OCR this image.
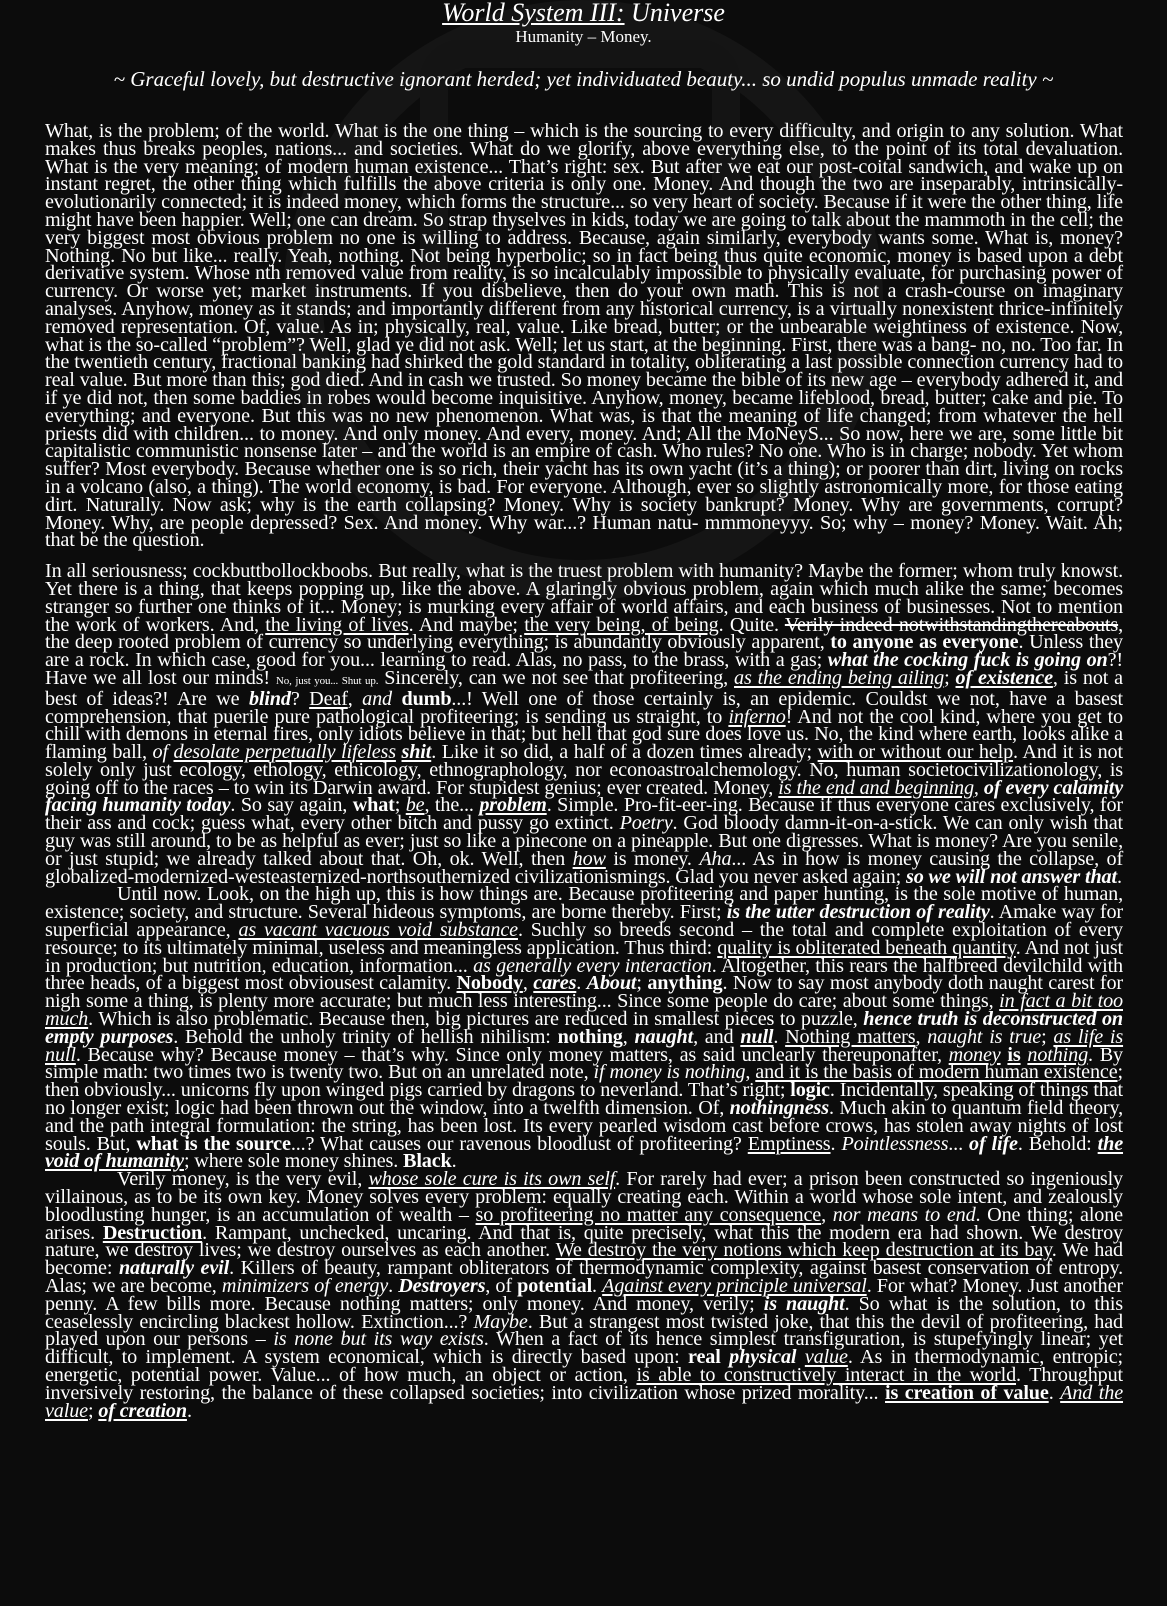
World System III: Universe
Humanity – Money.
~ Graceful lovely, but destructive ignorant herded; yet individuated beauty... so undid populus unmade reality ~

What, is the problem; of the world. What is the one thing – which is the sourcing to every difficulty, and origin to any solution. What makes thus breaks peoples, nations... and societies. What do we glorify, above everything else, to the point of its total devaluation. What is the very meaning; of modern human existence... That’s right: sex. But after we eat our post-coital sandwich, and wake up on instant regret, the other thing which fulfills the above criteria is only one. Money. And though the two are inseparably, intrinsically-evolutionarily connected; it is indeed money, which forms the structure... so very heart of society. Because if it were the other thing, life might have been happier. Well; one can dream. So strap thyselves in kids, today we are going to talk about the mammoth in the cell; the very biggest most obvious problem no one is willing to address. Because, again similarly, everybody wants some. What is, money? Nothing. No but like... really. Yeah, nothing. Not being hyperbolic; so in fact being thus quite economic, money is based upon a debt derivative system. Whose nth removed value from reality, is so incalculably impossible to physically evaluate, for purchasing power of currency. Or worse yet; market instruments. If you disbelieve, then do your own math. This is not a crash-course on imaginary analyses. Anyhow, money as it stands; and importantly different from any historical currency, is a virtually nonexistent thrice-infinitely removed representation. Of, value. As in; physically, real, value. Like bread, butter; or the unbearable weightiness of existence. Now, what is the so-called “problem”? Well, glad ye did not ask. Well; let us start, at the beginning. First, there was a bang- no, no. Too far. In the twentieth century, fractional banking had shirked the gold standard in totality, obliterating a last possible connection currency had to real value. But more than this; god died. And in cash we trusted. So money became the bible of its new age – everybody adhered it, and if ye did not, then some baddies in robes would become inquisitive. Anyhow, money, became lifeblood, bread, butter; cake and pie. To everything; and everyone. But this was no new phenomenon. What was, is that the meaning of life changed; from whatever the hell priests did with children... to money. And only money. And every, money. And; All the MoNeyS... So now, here we are, some little bit capitalistic communistic nonsense later – and the world is an empire of cash. Who rules? No one. Who is in charge; nobody. Yet whom suffer? Most everybody. Because whether one is so rich, their yacht has its own yacht (it’s a thing); or poorer than dirt, living on rocks in a volcano (also, a thing). The world economy, is bad. For everyone. Although, ever so slightly astronomically more, for those eating dirt. Naturally. Now ask; why is the earth collapsing? Money. Why is society bankrupt? Money. Why are governments, corrupt? Money. Why, are people depressed? Sex. And money. Why war...? Human natu- mmmoneyyy. So; why – money? Money. Wait. Ah; that be the question.

In all seriousness; cockbuttbollockboobs. But really, what is the truest problem with humanity? Maybe the former; whom truly knowst. Yet there is a thing, that keeps popping up, like the above. A glaringly obvious problem, again which much alike the same; becomes stranger so further one thinks of it... Money; is murking every affair of world affairs, and each business of businesses. Not to mention the work of workers. And, the living of lives. And maybe; the very being, of being. Quite. Verily indeed notwithstandingthereabouts, the deep rooted problem of currency so underlying everything; is abundantly obviously apparent, to anyone as everyone. Unless they are a rock. In which case, good for you... learning to read. Alas, no pass, to the brass, with a gas; what the cocking fuck is going on?! Have we all lost our minds! No, just you... Shut up. Sincerely, can we not see that profiteering, as the ending being ailing; of existence, is not a best of ideas?! Are we blind? Deaf, and dumb...! Well one of those certainly is, an epidemic. Couldst we not, have a basest comprehension, that puerile pure pathological profiteering; is sending us straight, to inferno! And not the cool kind, where you get to chill with demons in eternal fires, only idiots believe in that; but hell that god sure does love us. No, the kind where earth, looks alike a flaming ball, of desolate perpetually lifeless shit. Like it so did, a half of a dozen times already; with or without our help. And it is not solely only just ecology, ethology, ethicology, ethnographology, nor econoastroalchemology. No, human societocivilizationology, is going off to the races – to win its Darwin award. For stupidest genius; ever created. Money, is the end and beginning, of every calamity facing humanity today. So say again, what; be, the... problem. Simple. Pro-fit-eer-ing. Because if thus everyone cares exclusively, for their ass and cock; guess what, every other bitch and pussy go extinct. Poetry. God bloody damn-it-on-a-stick. We can only wish that guy was still around, to be as helpful as ever; just so like a pinecone on a pineapple. But one digresses. What is money? Are you senile, or just stupid; we already talked about that. Oh, ok. Well, then how is money. Aha... As in how is money causing the collapse, of globalized-modernized-westeasternized-northsouthernized civilizationismings. Glad you never asked again; so we will not answer that.
Until now. Look, on the high up, this is how things are. Because profiteering and paper hunting, is the sole motive of human, existence; society, and structure. Several hideous symptoms, are borne thereby. First; is the utter destruction of reality. Amake way for superficial appearance, as vacant vacuous void substance. Suchly so breeds second – the total and complete exploitation of every resource; to its ultimately minimal, useless and meaningless application. Thus third: quality is obliterated beneath quantity. And not just in production; but nutrition, education, information... as generally every interaction. Altogether, this rears the halfbreed devilchild with three heads, of a biggest most obviousest calamity. Nobody, cares. About; anything. Now to say most anybody doth naught carest for nigh some a thing, is plenty more accurate; but much less interesting... Since some people do care; about some things, in fact a bit too much. Which is also problematic. Because then, big pictures are reduced in smallest pieces to puzzle, hence truth is deconstructed on empty purposes. Behold the unholy trinity of hellish nihilism: nothing, naught, and null. Nothing matters, naught is true; as life is null. Because why? Because money – that’s why. Since only money matters, as said unclearly thereuponafter, money is nothing. By simple math: two times two is twenty two. But on an unrelated note, if money is nothing, and it is the basis of modern human existence; then obviously... unicorns fly upon winged pigs carried by dragons to neverland. That’s right; logic. Incidentally, speaking of things that no longer exist; logic had been thrown out the window, into a twelfth dimension. Of, nothingness. Much akin to quantum field theory, and the path integral formulation: the string, has been lost. Its every pearled wisdom cast before crows, has stolen away nights of lost souls. But, what is the source...? What causes our ravenous bloodlust of profiteering? Emptiness. Pointlessness... of life. Behold: the void of humanity; where sole money shines. Black.
Verily money, is the very evil, whose sole cure is its own self. For rarely had ever; a prison been constructed so ingeniously villainous, as to be its own key. Money solves every problem: equally creating each. Within a world whose sole intent, and zealously bloodlusting hunger, is an accumulation of wealth – so profiteering no matter any consequence, nor means to end. One thing; alone arises. Destruction. Rampant, unchecked, uncaring. And that is, quite precisely, what this the modern era had shown. We destroy nature, we destroy lives; we destroy ourselves as each another. We destroy the very notions which keep destruction at its bay. We had become: naturally evil. Killers of beauty, rampant obliterators of thermodynamic complexity, against basest conservation of entropy. Alas; we are become, minimizers of energy. Destroyers, of potential. Against every principle universal. For what? Money. Just another penny. A few bills more. Because nothing matters; only money. And money, verily; is naught. So what is the solution, to this ceaselessly encircling blackest hollow. Extinction...? Maybe. But a strangest most twisted joke, that this the devil of profiteering, had played upon our persons – is none but its way exists. When a fact of its hence simplest transfiguration, is stupefyingly linear; yet difficult, to implement. A system economical, which is directly based upon: real physical value. As in thermodynamic, entropic; energetic, potential power. Value... of how much, an object or action, is able to constructively interact in the world. Throughput inversively restoring, the balance of these collapsed societies; into civilization whose prized morality... is creation of value. And the value; of creation.
